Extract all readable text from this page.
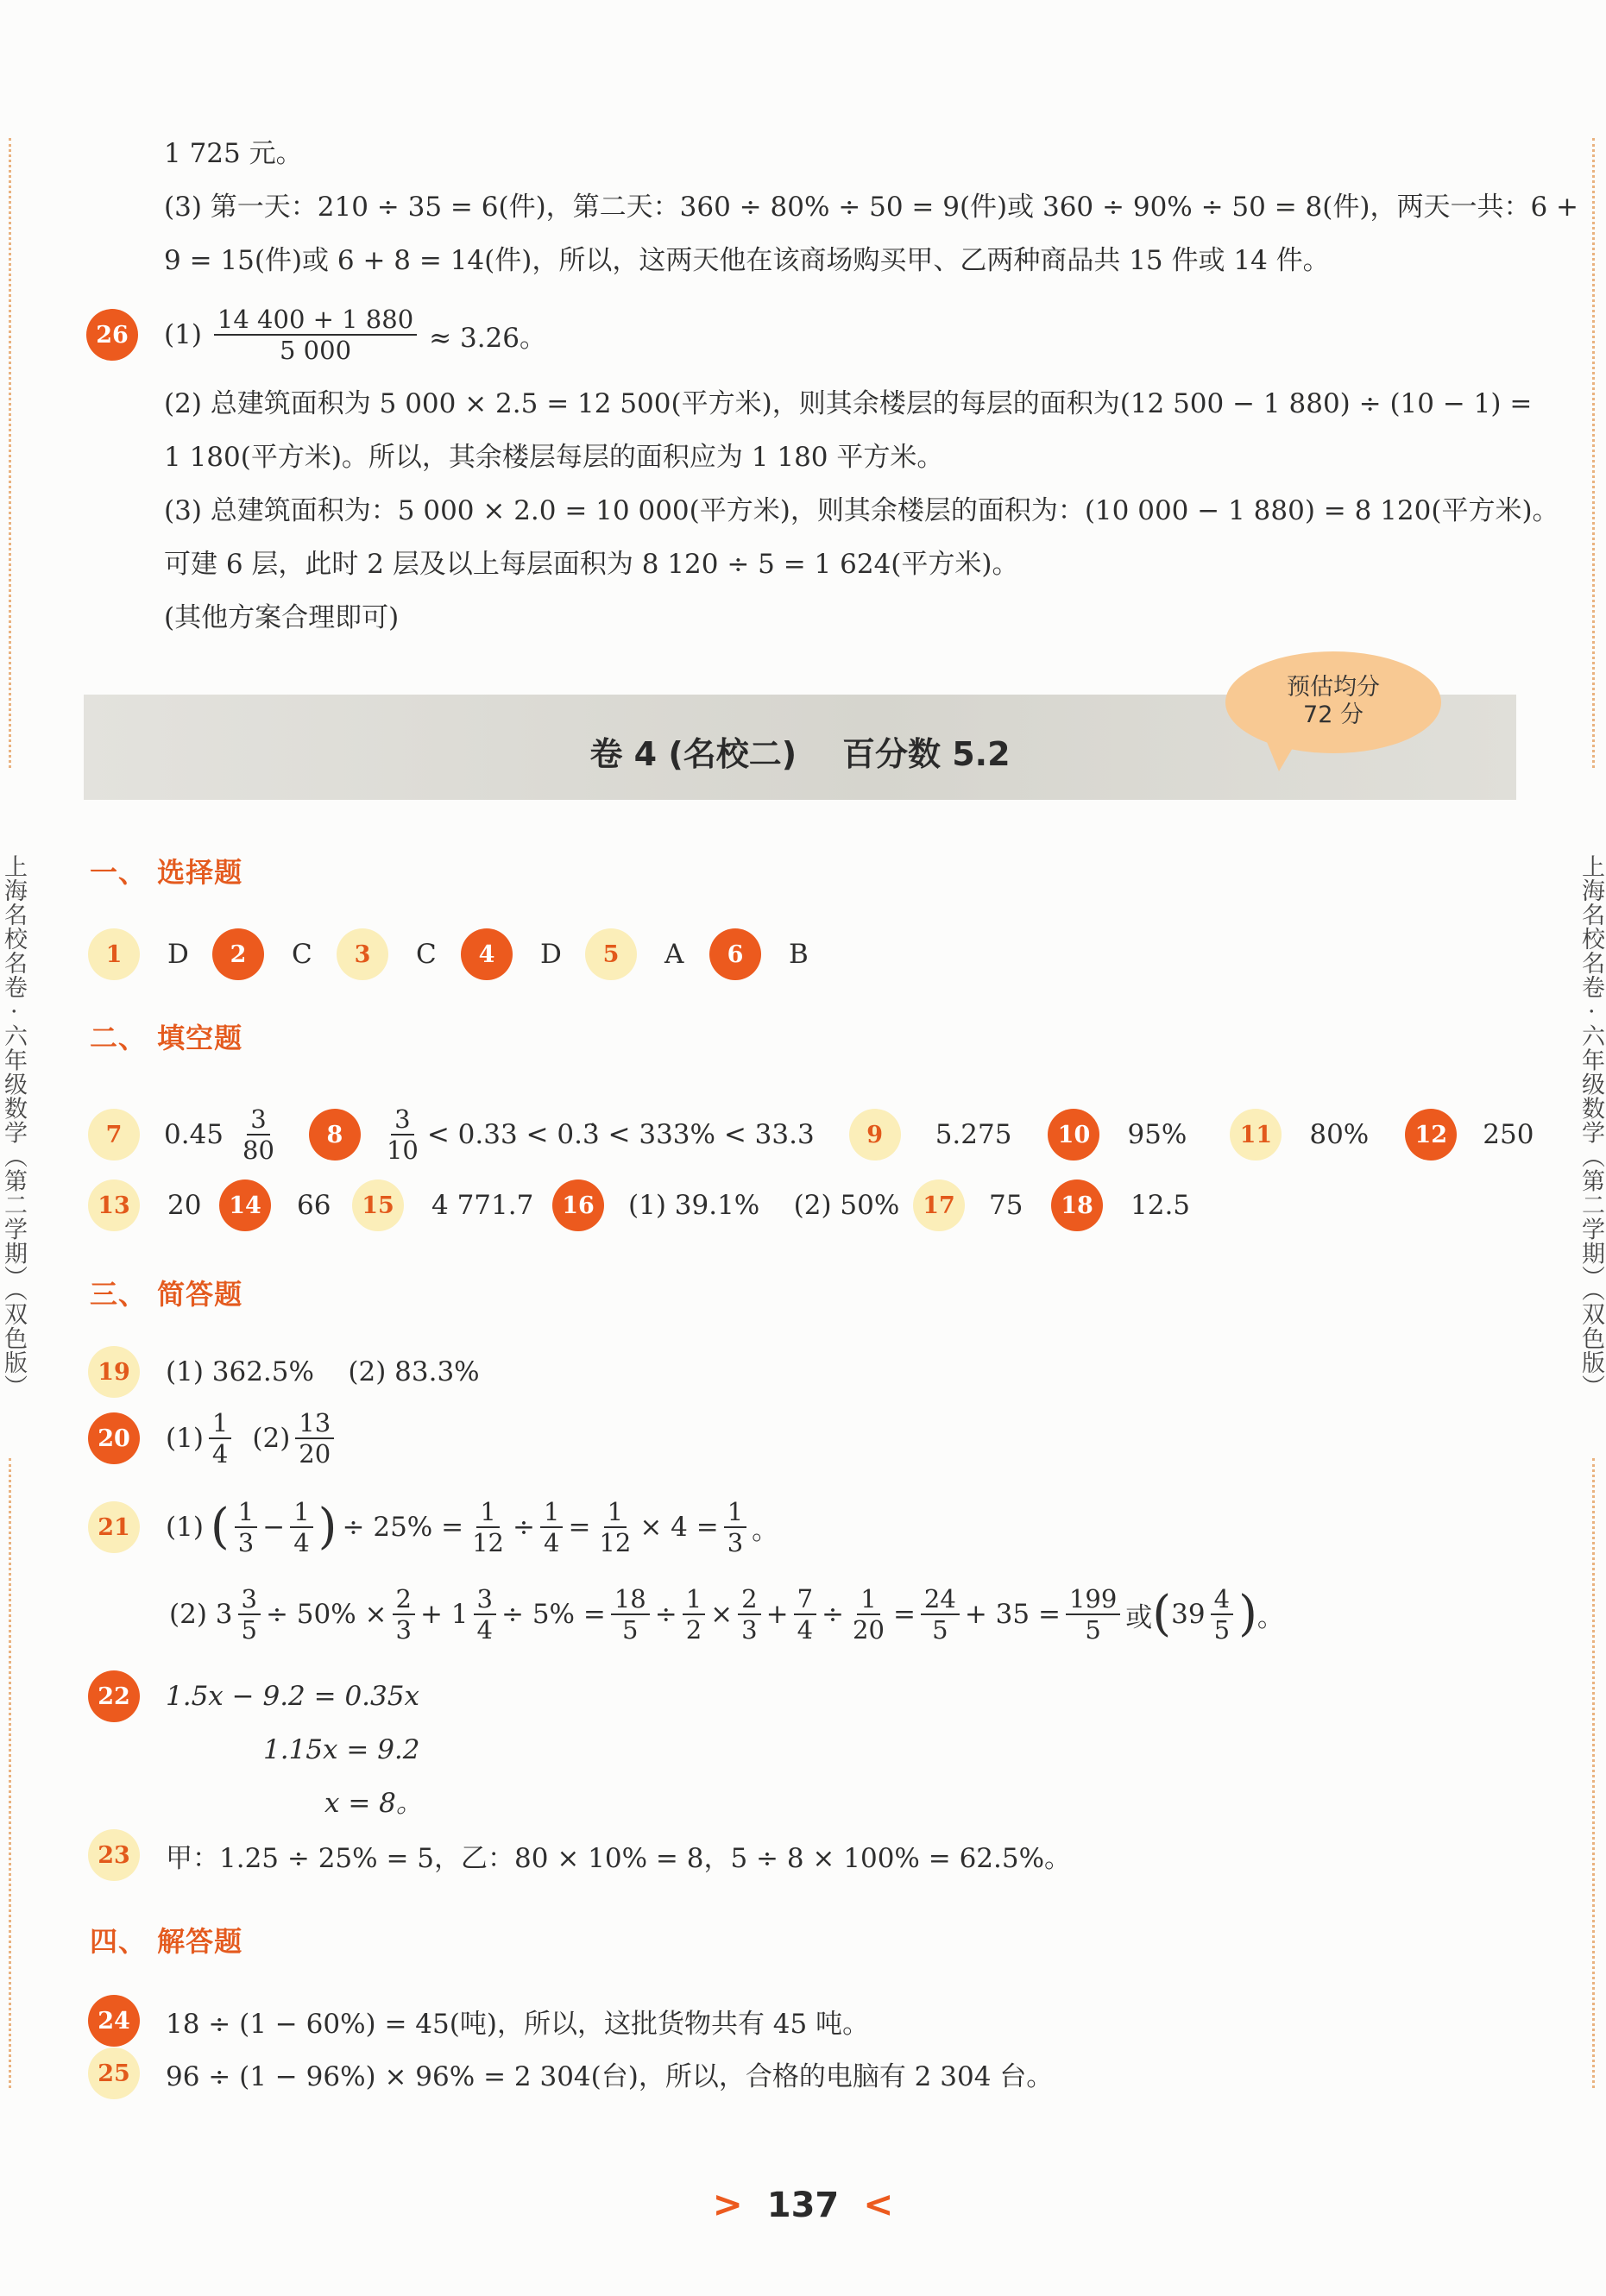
上海名校名卷 · 六年级数学（第二学期）（双色版）	上海名校名卷 · 六年级数学（第二学期）（双色版）
1 725 元。
(3) 第一天：210 ÷ 35 = 6(件)，第二天：360 ÷ 80% ÷ 50 = 9(件)或 360 ÷ 90% ÷ 50 = 8(件)，两天一共：6 +
9 = 15(件)或 6 + 8 = 14(件)，所以，这两天他在该商场购买甲、乙两种商品共 15 件或 14 件。
26	$(1) \frac{14 400 + 1 880}{5 000} \approx 3.26$。
(2) 总建筑面积为 5 000 × 2.5 = 12 500(平方米)，则其余楼层的每层的面积为(12 500 − 1 880) ÷ (10 − 1) =
1 180(平方米)。所以，其余楼层每层的面积应为 1 180 平方米。
(3) 总建筑面积为：5 000 × 2.0 = 10 000(平方米)，则其余楼层的面积为：(10 000 − 1 880) = 8 120(平方米)。
可建 6 层，此时 2 层及以上每层面积为 8 120 ÷ 5 = 1 624(平方米)。
(其他方案合理即可)
卷 4 (名校二)    百分数 5.2
预估均分
72 分
一、 选择题
1	D	2	C	3	C	4	D	5	A	6	B
二、 填空题
7	$0.45 \frac{3}{80}$	8	$\frac{3}{10} < 0.33$ < 0.3̇ < 333% < 33.3	9	5.275	10	95%	11	80%	12	250
13	20	14	66	15	4 771.7	16	(1) 39.1%    (2) 50% 17	75	18	12.5
三、 简答题
19	(1) 362.5%    (2) 83.3%
20	$(1) \frac{1}{4} (2) \frac{13}{20}$
21	(1) ( $\frac{1}{3} - \frac{1}{4}$ ) ÷ $25\% = \frac{1}{12} \div \frac{1}{4} = \frac{1}{12} \times 4 = \frac{1}{3}$ 。
(2) $3 \frac{3}{5} \div 50\% \times \frac{2}{3} + 1 \frac{3}{4} \div 5\% = \frac{18}{5} \div \frac{1}{2} \times \frac{2}{3} + \frac{7}{4} \div \frac{1}{20} = \frac{24}{5} + 35 = \frac{199}{5}$ 或 ( $39 \frac{4}{5}$ ) 。
22	1.5x − 9.2 = 0.35x
1.15x = 9.2
x = 8。
23	甲：1.25 ÷ 25% = 5，乙：80 × 10% = 8，5 ÷ 8 × 100% = 62.5%。
四、 解答题
24	18 ÷ (1 − 60%) = 45(吨)，所以，这批货物共有 45 吨。
25	96 ÷ (1 − 96%) × 96% = 2 304(台)，所以，合格的电脑有 2 304 台。
> 137 <
